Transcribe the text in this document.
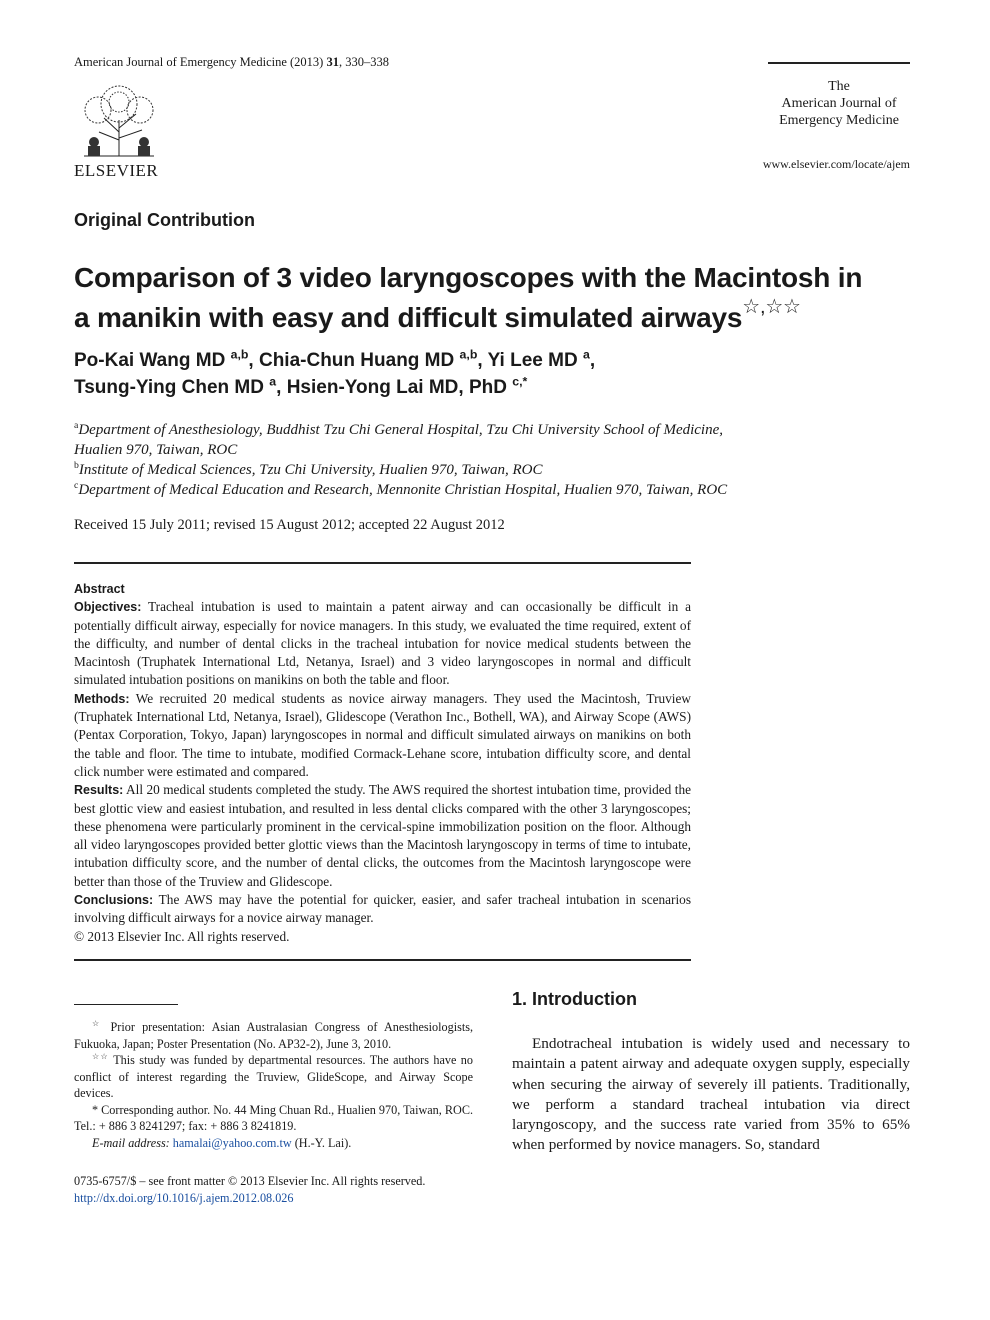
American Journal of Emergency Medicine (2013) 31, 330–338
ELSEVIER
The
American Journal of
Emergency Medicine
www.elsevier.com/locate/ajem
Original Contribution
Comparison of 3 video laryngoscopes with the Macintosh in
a manikin with easy and difficult simulated airways☆,☆☆
Po-Kai Wang MD $^{a,b}$, Chia-Chun Huang MD $^{a,b}$, Yi Lee MD $^a$,
Tsung-Ying Chen MD $^a$, Hsien-Yong Lai MD, PhD $^{c,*}$
$^a$Department of Anesthesiology, Buddhist Tzu Chi General Hospital, Tzu Chi University School of Medicine,
Hualien 970, Taiwan, ROC
$^b$Institute of Medical Sciences, Tzu Chi University, Hualien 970, Taiwan, ROC
$^c$Department of Medical Education and Research, Mennonite Christian Hospital, Hualien 970, Taiwan, ROC
Received 15 July 2011; revised 15 August 2012; accepted 22 August 2012

Abstract

Objectives: Tracheal intubation is used to maintain a patent airway and can occasionally be difficult in a potentially difficult airway, especially for novice managers. In this study, we evaluated the time required, extent of the difficulty, and number of dental clicks in the tracheal intubation for novice medical students between the Macintosh (Truphatek International Ltd, Netanya, Israel) and 3 video laryngoscopes in normal and difficult simulated intubation positions on manikins on both the table and floor.

Methods: We recruited 20 medical students as novice airway managers. They used the Macintosh, Truview (Truphatek International Ltd, Netanya, Israel), Glidescope (Verathon Inc., Bothell, WA), and Airway Scope (AWS) (Pentax Corporation, Tokyo, Japan) laryngoscopes in normal and difficult simulated airways on manikins on both the table and floor. The time to intubate, modified Cormack-Lehane score, intubation difficulty score, and dental click number were estimated and compared.

Results: All 20 medical students completed the study. The AWS required the shortest intubation time, provided the best glottic view and easiest intubation, and resulted in less dental clicks compared with the other 3 laryngoscopes; these phenomena were particularly prominent in the cervical-spine immobilization position on the floor. Although all video laryngoscopes provided better glottic views than the Macintosh laryngoscopy in terms of time to intubate, intubation difficulty score, and the number of dental clicks, the outcomes from the Macintosh laryngoscope were better than those of the Truview and Glidescope.

Conclusions: The AWS may have the potential for quicker, easier, and safer tracheal intubation in scenarios involving difficult airways for a novice airway manager.

© 2013 Elsevier Inc. All rights reserved.

☆ Prior presentation: Asian Australasian Congress of Anesthesiologists, Fukuoka, Japan; Poster Presentation (No. AP32-2), June 3, 2010.
☆☆ This study was funded by departmental resources. The authors have no conflict of interest regarding the Truview, GlideScope, and Airway Scope devices.
* Corresponding author. No. 44 Ming Chuan Rd., Hualien 970, Taiwan, ROC. Tel.: + 886 3 8241297; fax: + 886 3 8241819.
E-mail address: hamalai@yahoo.com.tw (H.-Y. Lai).
0735-6757/$ – see front matter © 2013 Elsevier Inc. All rights reserved.
http://dx.doi.org/10.1016/j.ajem.2012.08.026
1. Introduction
Endotracheal intubation is widely used and necessary to maintain a patent airway and adequate oxygen supply, especially when securing the airway of severely ill patients. Traditionally, we perform a standard tracheal intubation via direct laryngoscopy, and the success rate varied from 35% to 65% when performed by novice managers. So, standard
